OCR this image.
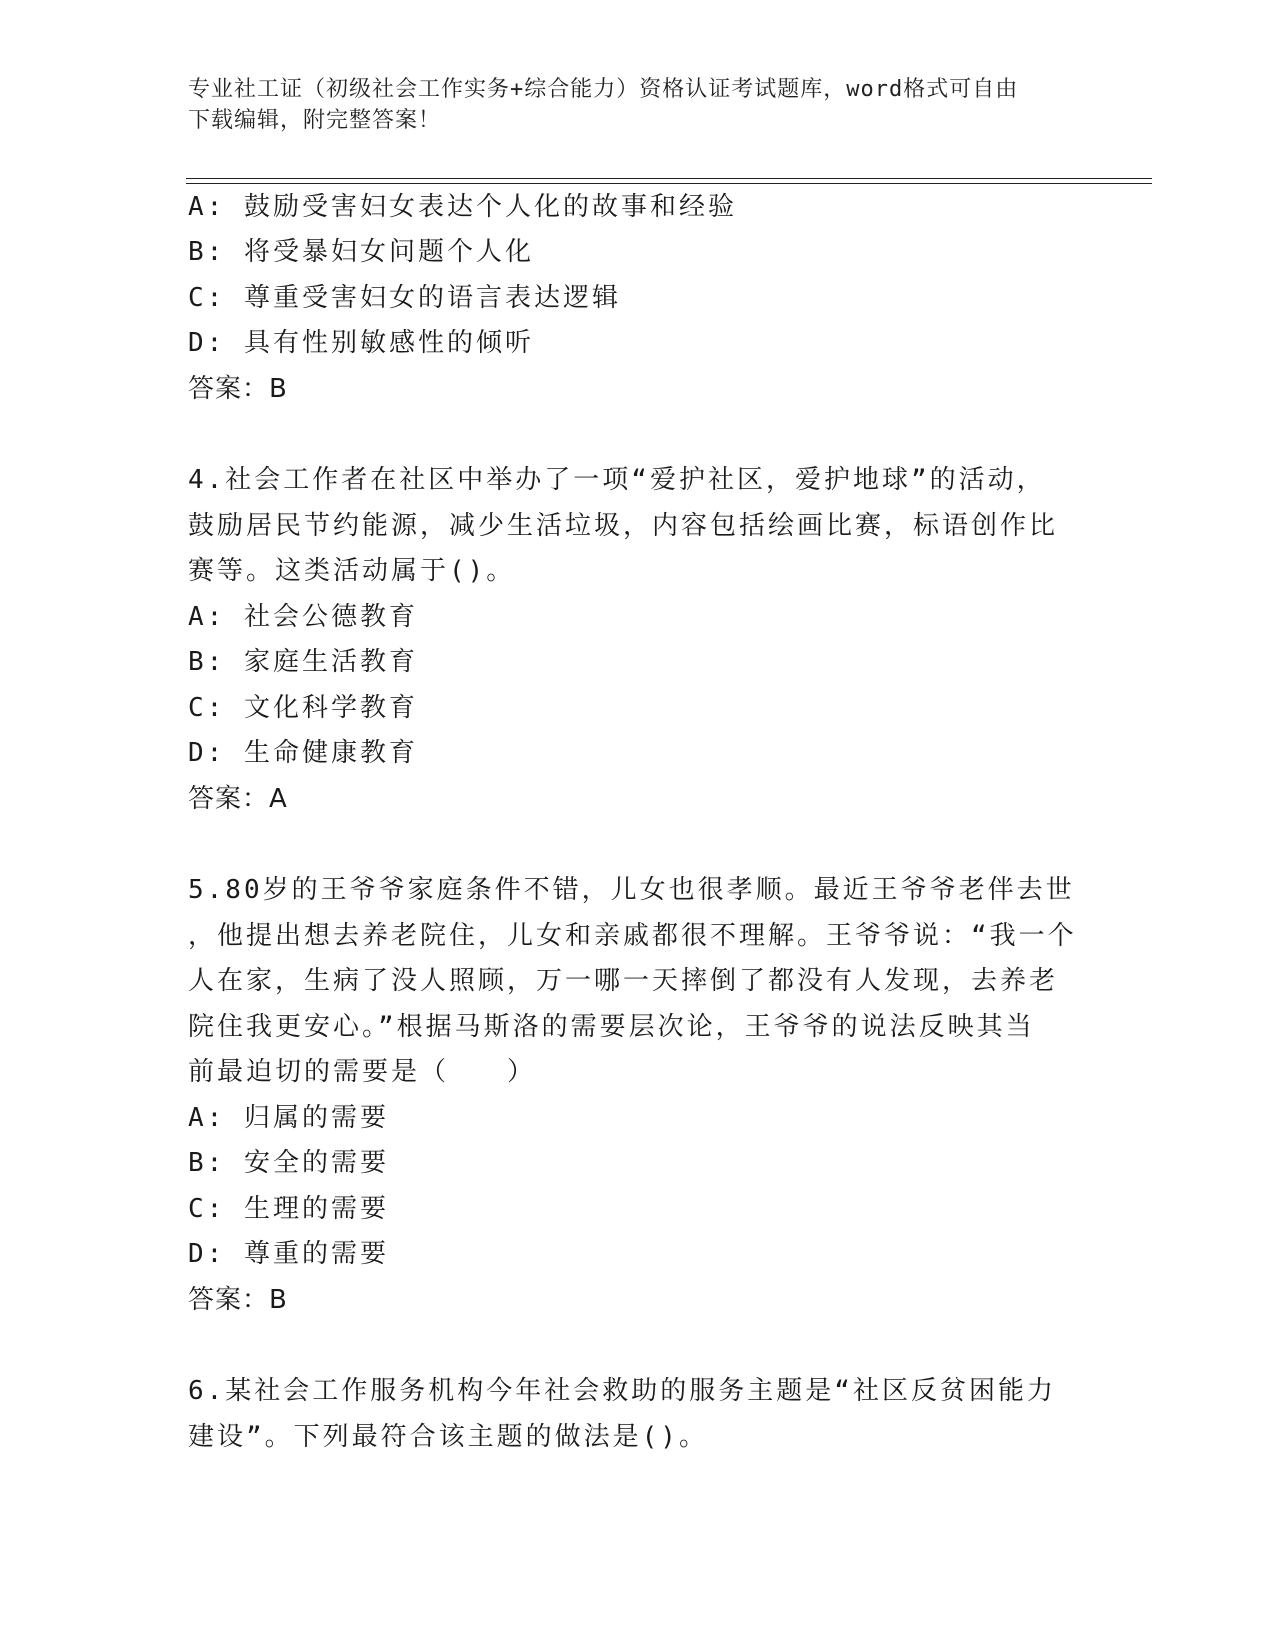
专业社工证（初级社会工作实务+综合能力）资格认证考试题库，word格式可自由
下载编辑，附完整答案！
A: 鼓励受害妇女表达个人化的故事和经验
B: 将受暴妇女问题个人化
C: 尊重受害妇女的语言表达逻辑
D: 具有性别敏感性的倾听
答案：B
4.社会工作者在社区中举办了一项“爱护社区，爱护地球”的活动，
鼓励居民节约能源，减少生活垃圾，内容包括绘画比赛，标语创作比
赛等。这类活动属于()。
A: 社会公德教育
B: 家庭生活教育
C: 文化科学教育
D: 生命健康教育
答案：A
5.80岁的王爷爷家庭条件不错，儿女也很孝顺。最近王爷爷老伴去世
，他提出想去养老院住，儿女和亲戚都很不理解。王爷爷说：“我一个
人在家，生病了没人照顾，万一哪一天摔倒了都没有人发现，去养老
院住我更安心。”根据马斯洛的需要层次论，王爷爷的说法反映其当
前最迫切的需要是（　　）
A: 归属的需要
B: 安全的需要
C: 生理的需要
D: 尊重的需要
答案：B
6.某社会工作服务机构今年社会救助的服务主题是“社区反贫困能力
建设”。下列最符合该主题的做法是()。
